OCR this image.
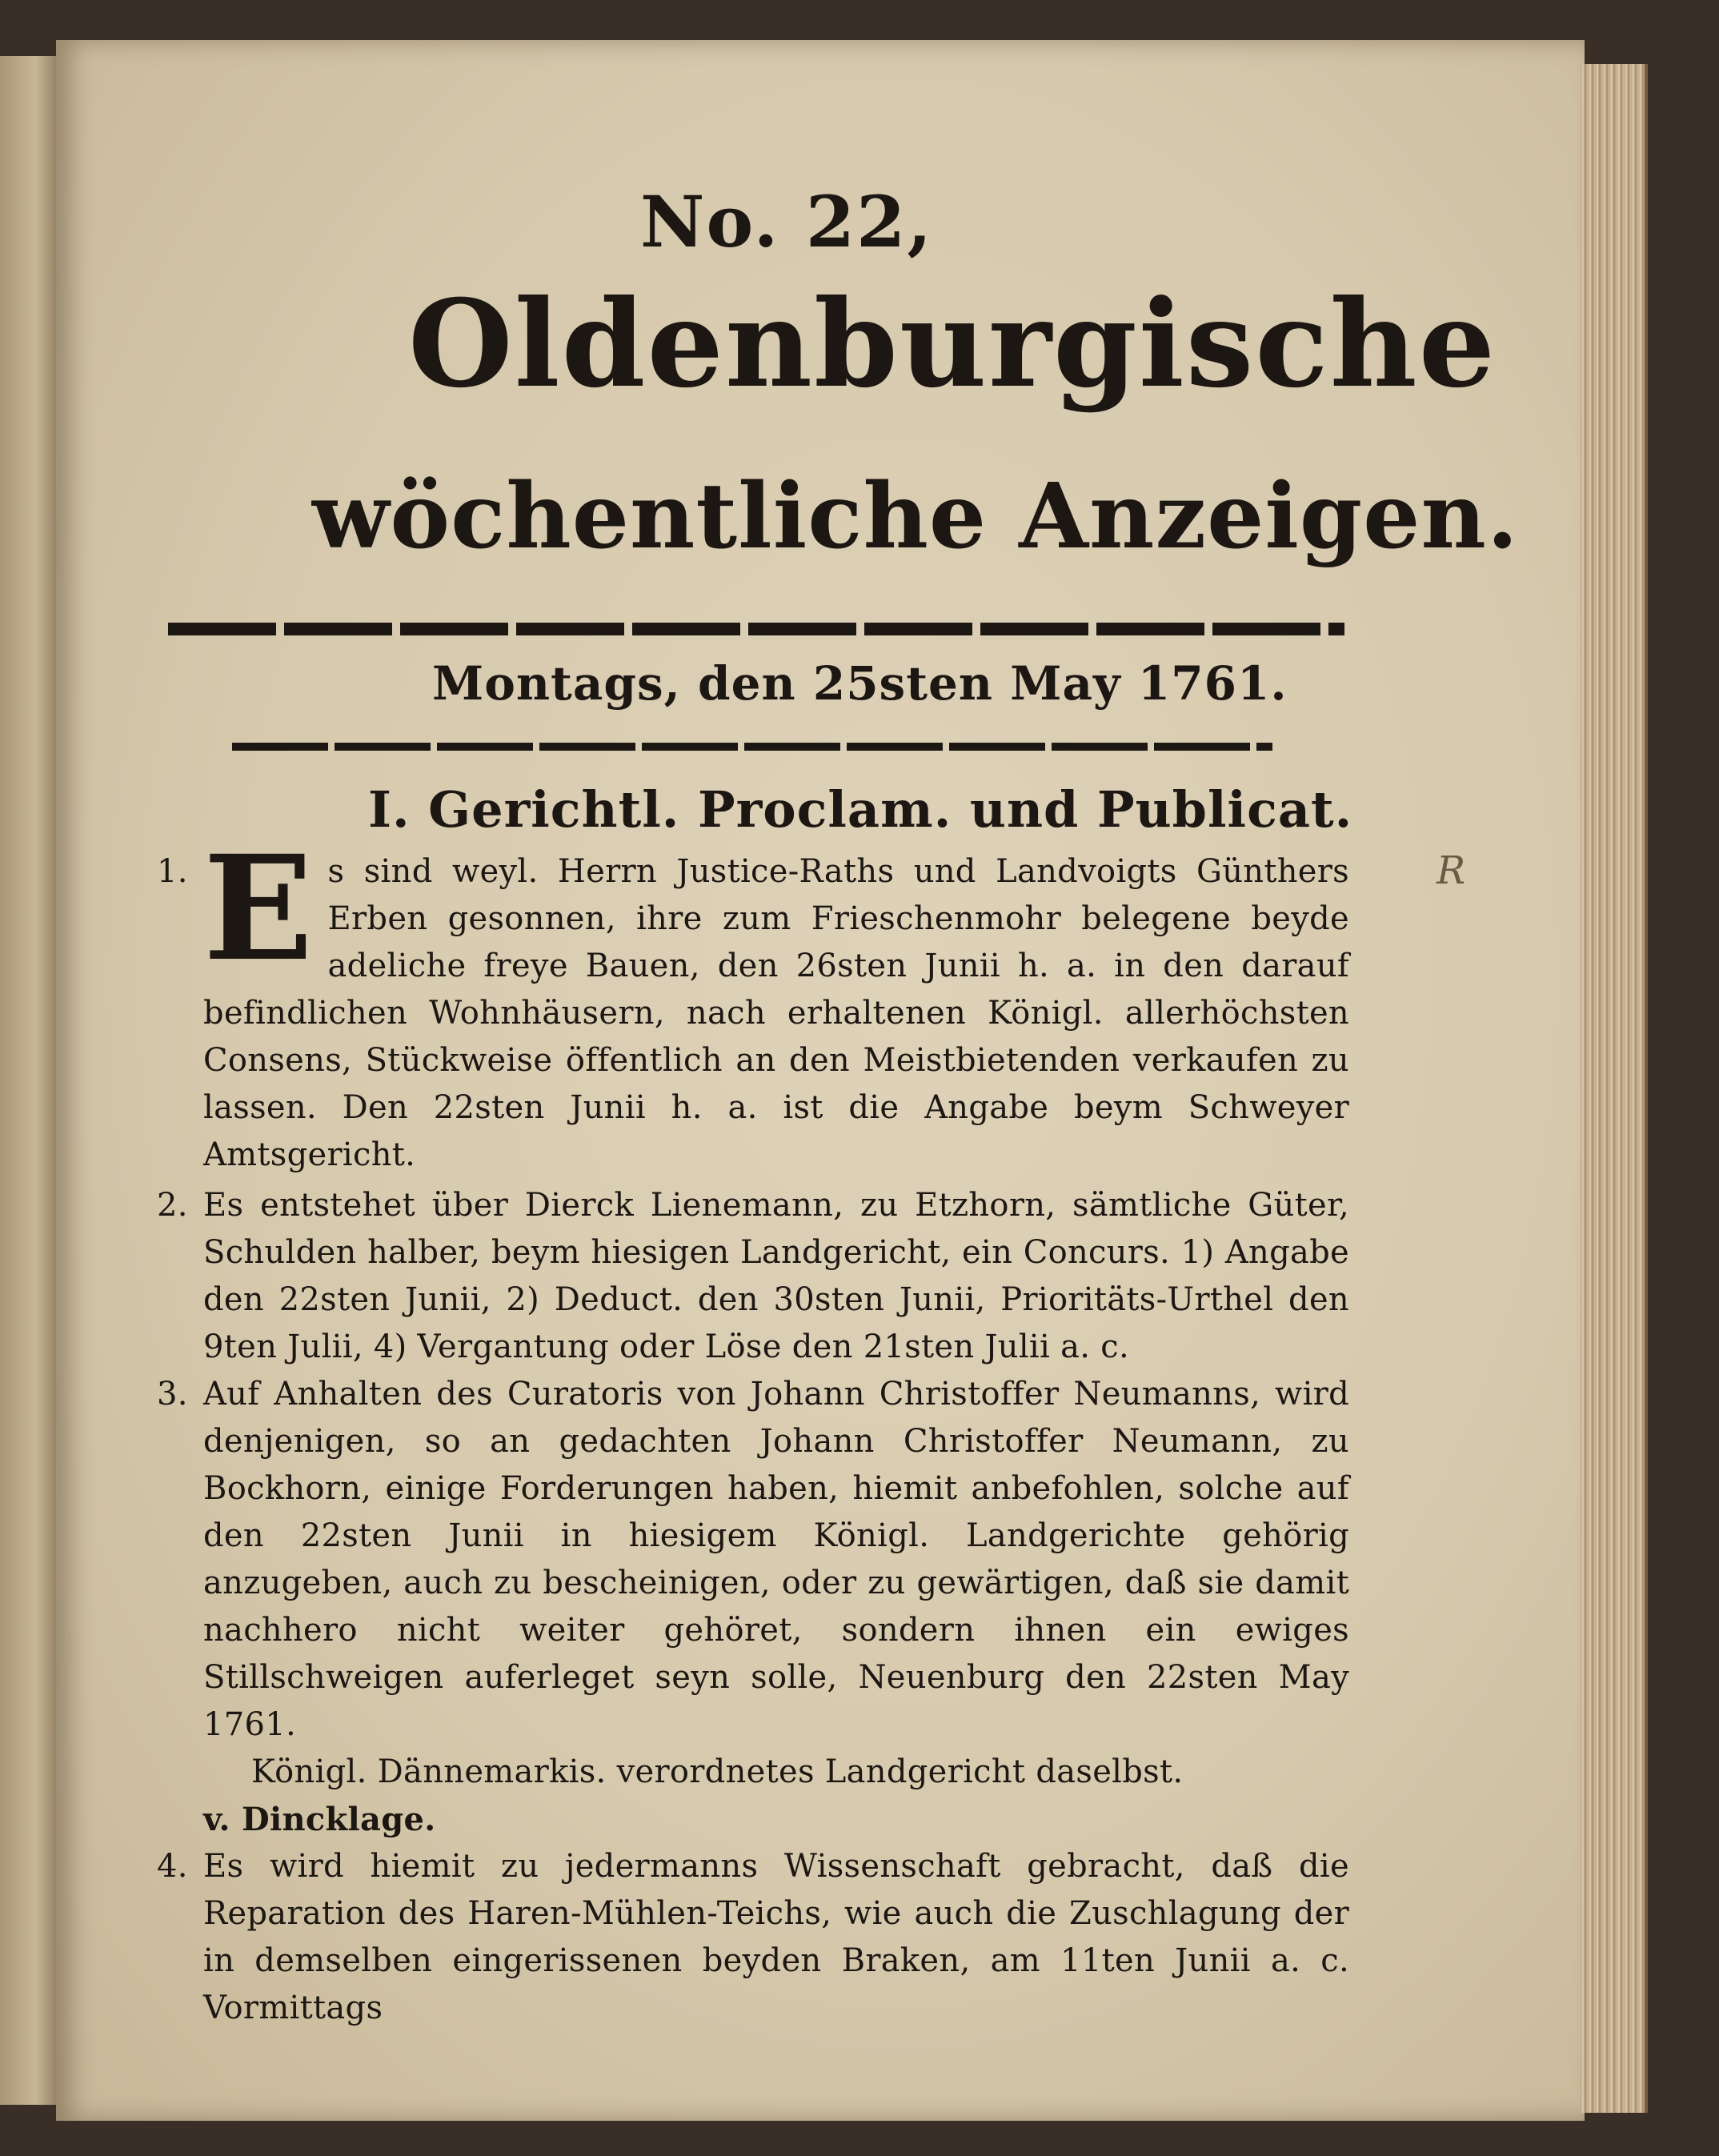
No. 22,
Oldenburgische
wöchentliche Anzeigen.
Montags, den 25sten May 1761.
I. Gerichtl. Proclam. und Publicat.
R
1. E s sind weyl. Herrn Justice-Raths und Landvoigts Günthers Erben gesonnen, ihre zum Frieschenmohr belegene beyde adeliche freye Bauen, den 26sten Junii h. a. in den darauf befindlichen Wohnhäusern, nach erhaltenen Königl. allerhöchsten Consens, Stückweise öffentlich an den Meistbietenden verkaufen zu lassen. Den 22sten Junii h. a. ist die Angabe beym Schweyer Amtsgericht.
2. Es entstehet über Dierck Lienemann, zu Etzhorn, sämtliche Güter, Schulden halber, beym hiesigen Landgericht, ein Concurs. 1) Angabe den 22sten Junii, 2) Deduct. den 30sten Junii, Prioritäts-Urthel den 9ten Julii, 4) Vergantung oder Löse den 21sten Julii a. c.
3. Auf Anhalten des Curatoris von Johann Christoffer Neumanns, wird denjenigen, so an gedachten Johann Christoffer Neumann, zu Bockhorn, einige Forderungen haben, hiemit anbefohlen, solche auf den 22sten Junii in hiesigem Königl. Landgerichte gehörig anzugeben, auch zu bescheinigen, oder zu gewärtigen, daß sie damit nachhero nicht weiter gehöret, sondern ihnen ein ewiges Stillschweigen auferleget seyn solle, Neuenburg den 22sten May 1761.
Königl. Dännemarkis. verordnetes Landgericht daselbst.
v. Dincklage.
4. Es wird hiemit zu jedermanns Wissenschaft gebracht, daß die Reparation des Haren-Mühlen-Teichs, wie auch die Zuschlagung der in demselben eingerissenen beyden Braken, am 11ten Junii a. c. Vormittags
